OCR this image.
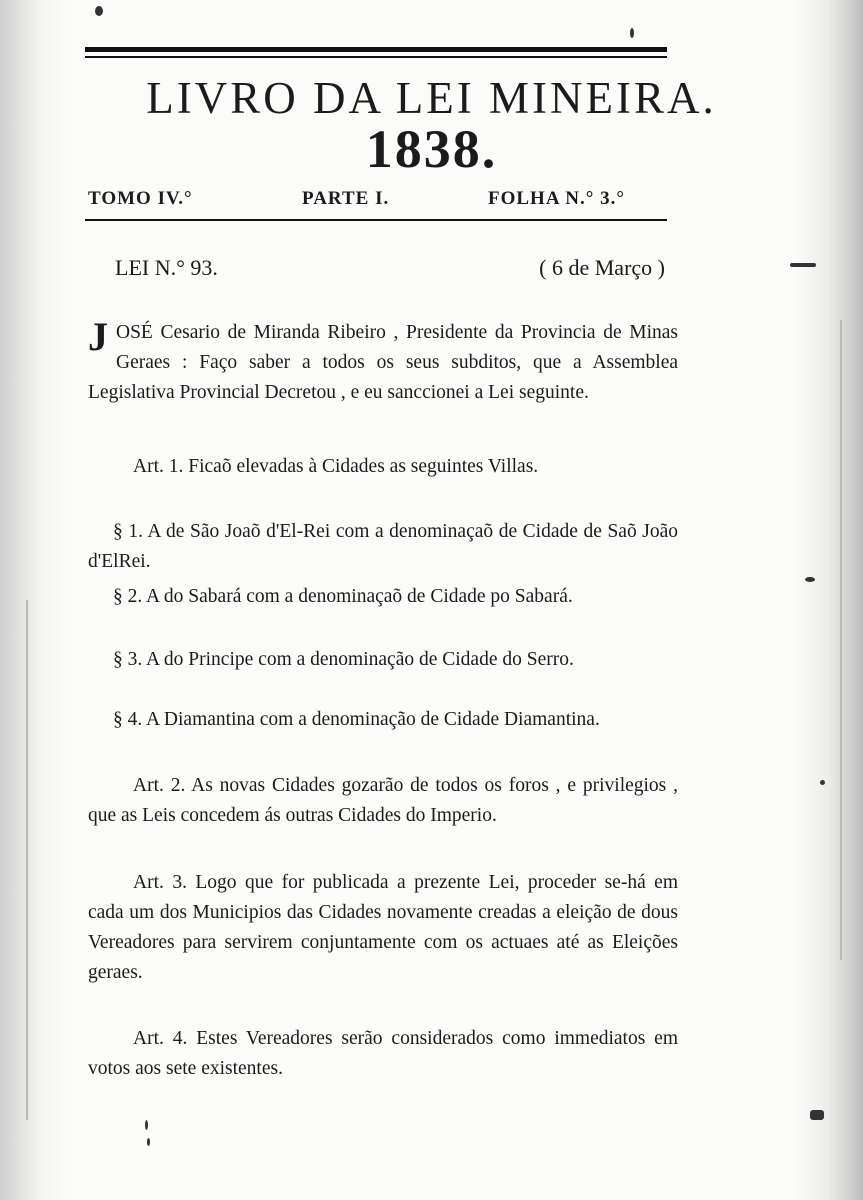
LIVRO DA LEI MINEIRA.
1838.
TOMO IV.°	PARTE I.	FOLHA N.° 3.°
LEI N.° 93.	( 6 de Março )

JOSÉ Cesario de Miranda Ribeiro , Presidente da Provincia de Minas Geraes : Faço saber a todos os seus subditos, que a Assemblea Legislativa Provincial Decretou , e eu sanccionei a Lei seguinte.

Art. 1. Ficaõ elevadas à Cidades as seguintes Villas.

§ 1. A de São Joaõ d'El-Rei com a denominaçaõ de Cidade de Saõ João d'ElRei.

§ 2. A do Sabará com a denominaçaõ de Cidade po Sabará.

§ 3. A do Principe com a denominação de Cidade do Serro.

§ 4. A Diamantina com a denominação de Cidade Diamantina.

Art. 2. As novas Cidades gozarão de todos os foros , e privilegios , que as Leis concedem ás outras Cidades do Imperio.

Art. 3. Logo que for publicada a prezente Lei, proceder se-há em cada um dos Municipios das Cidades novamente creadas a eleição de dous Vereadores para servirem conjuntamente com os actuaes até as Eleições geraes.

Art. 4. Estes Vereadores serão considerados como immediatos em votos aos sete existentes.
